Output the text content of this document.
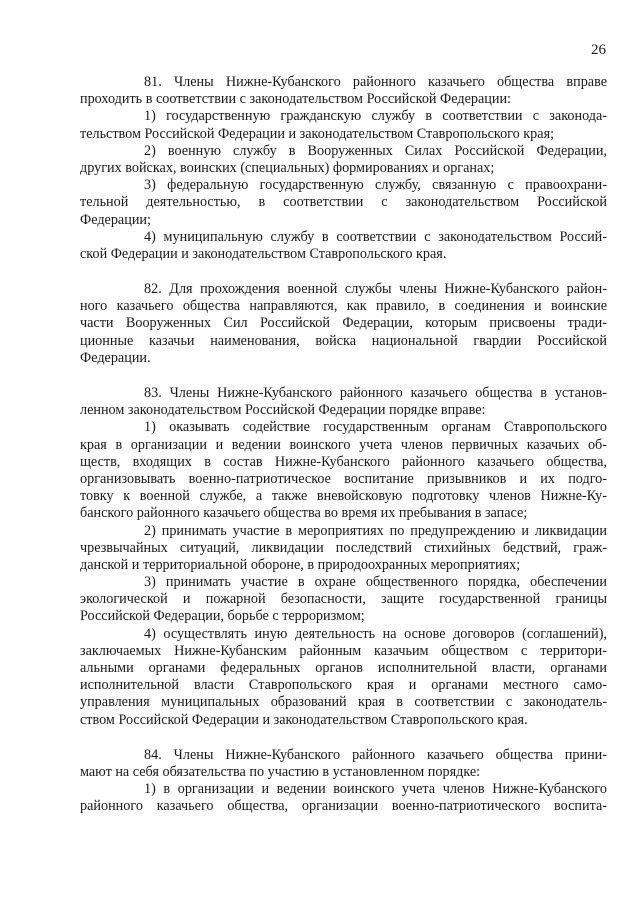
26
81. Члены Нижне-Кубанского районного казачьего общества вправе
проходить в соответствии с законодательством Российской Федерации:
1) государственную гражданскую службу в соответствии с законода-
тельством Российской Федерации и законодательством Ставропольского края;
2) военную службу в Вооруженных Силах Российской Федерации,
других войсках, воинских (специальных) формированиях и органах;
3) федеральную государственную службу, связанную с правоохрани-
тельной деятельностью, в соответствии с законодательством Российской
Федерации;
4) муниципальную службу в соответствии с законодательством Россий-
ской Федерации и законодательством Ставропольского края.
82. Для прохождения военной службы члены Нижне-Кубанского район-
ного казачьего общества направляются, как правило, в соединения и воинские
части Вооруженных Сил Российской Федерации, которым присвоены тради-
ционные казачьи наименования, войска национальной гвардии Российской
Федерации.
83. Члены Нижне-Кубанского районного казачьего общества в установ-
ленном законодательством Российской Федерации порядке вправе:
1) оказывать содействие государственным органам Ставропольского
края в организации и ведении воинского учета членов первичных казачьих об-
ществ, входящих в состав Нижне-Кубанского районного казачьего общества,
организовывать военно-патриотическое воспитание призывников и их подго-
товку к военной службе, а также вневойсковую подготовку членов Нижне-Ку-
банского районного казачьего общества во время их пребывания в запасе;
2) принимать участие в мероприятиях по предупреждению и ликвидации
чрезвычайных ситуаций, ликвидации последствий стихийных бедствий, граж-
данской и территориальной обороне, в природоохранных мероприятиях;
3) принимать участие в охране общественного порядка, обеспечении
экологической и пожарной безопасности, защите государственной границы
Российской Федерации, борьбе с терроризмом;
4) осуществлять иную деятельность на основе договоров (соглашений),
заключаемых Нижне-Кубанским районным казачьим обществом с территори-
альными органами федеральных органов исполнительной власти, органами
исполнительной власти Ставропольского края и органами местного само-
управления муниципальных образований края в соответствии с законодатель-
ством Российской Федерации и законодательством Ставропольского края.
84. Члены Нижне-Кубанского районного казачьего общества прини-
мают на себя обязательства по участию в установленном порядке:
1) в организации и ведении воинского учета членов Нижне-Кубанского
районного казачьего общества, организации военно-патриотического воспита-
